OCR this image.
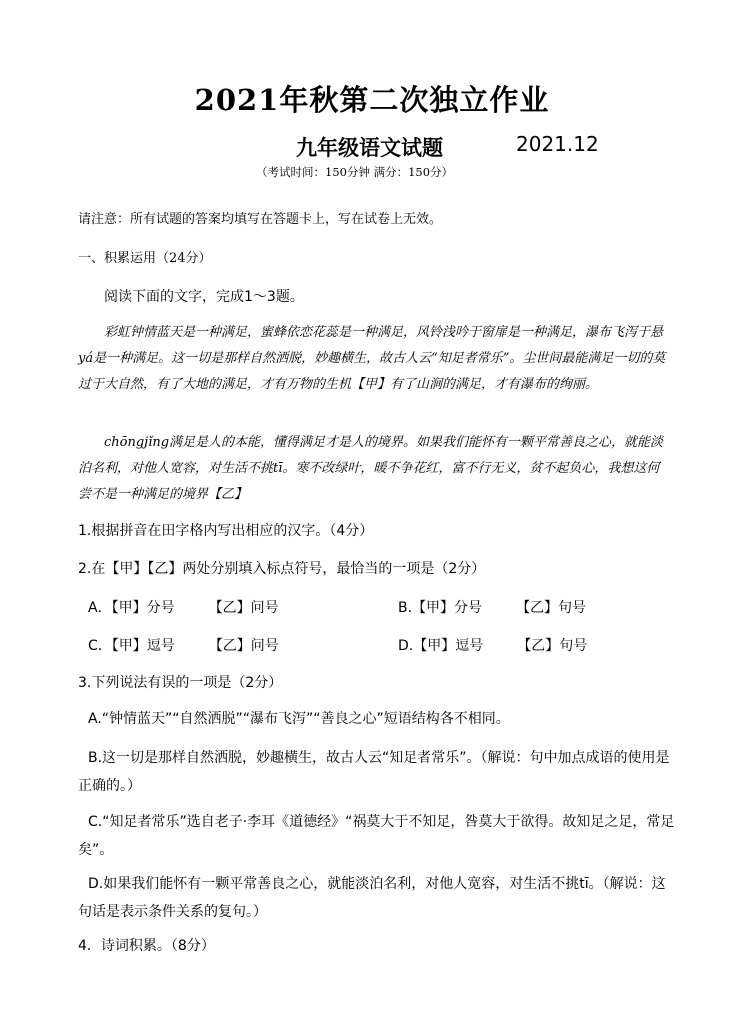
2021年秋第二次独立作业
九年级语文试题	2021.12
（考试时间：150分钟 满分：150分）
请注意：所有试题的答案均填写在答题卡上，写在试卷上无效。
一、积累运用（24分）
阅读下面的文字，完成1～3题。
彩虹钟情蓝天是一种满足，蜜蜂依恋花蕊是一种满足，风铃浅吟于窗扉是一种满足，瀑布飞泻于悬yá是一种满足。这一切是那样自然洒脱，妙趣横生，故古人云“知足者常乐”。尘世间最能满足一切的莫过于大自然，有了大地的满足，才有万物的生机【甲】有了山涧的满足，才有瀑布的绚丽。
chōngjǐng满足是人的本能，懂得满足才是人的境界。如果我们能怀有一颗平常善良之心，就能淡泊名利，对他人宽容，对生活不挑tī。寒不改绿叶，暖不争花红，富不行无义，贫不起负心，我想这何尝不是一种满足的境界【乙】
1.根据拼音在田字格内写出相应的汉字。（4分）
2.在【甲】【乙】两处分别填入标点符号，最恰当的一项是（2分）
A．【甲】分号 【乙】问号	B.【甲】分号 【乙】句号
C．【甲】逗号 【乙】问号	D.【甲】逗号 【乙】句号
3.下列说法有误的一项是（2分）
A.“钟情蓝天”“自然洒脱”“瀑布飞泻”“善良之心”短语结构各不相同。
B.这一切是那样自然洒脱，妙趣横生，故古人云“知足者常乐”。（解说：句中加点成语的使用是正确的。）
C.“知足者常乐”选自老子·李耳《道德经》“祸莫大于不知足，咎莫大于欲得。故知足之足，常足矣”。
D.如果我们能怀有一颗平常善良之心，就能淡泊名利，对他人宽容，对生活不挑tī。（解说：这句话是表示条件关系的复句。）
4．诗词积累。（8分）
